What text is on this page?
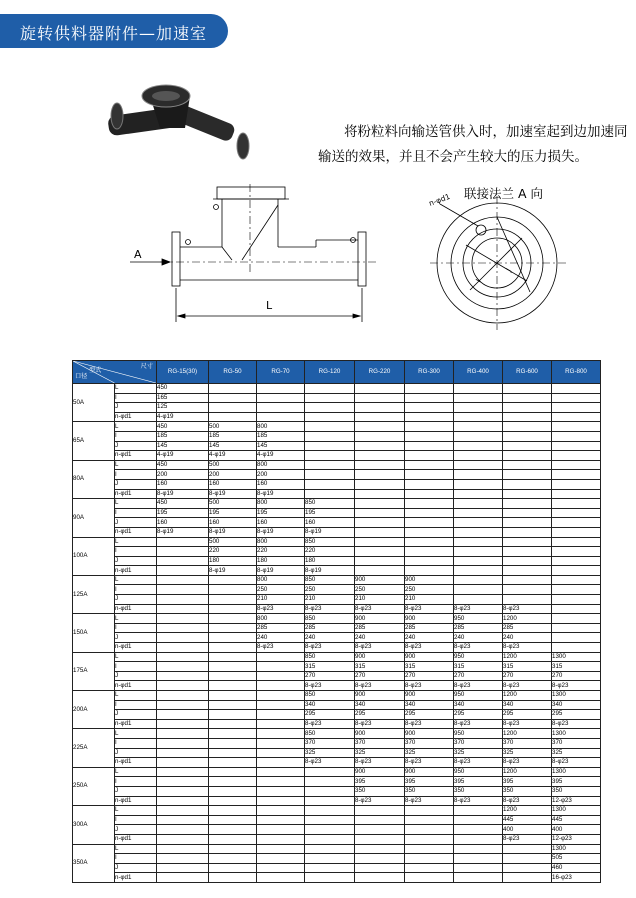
旋转供料器附件—加速室
A
L
联接法兰 A 向
n-φd1
I
J
将粉粒料向输送管供入时，加速室起到边加速同
输送的效果，并且不会产生较大的压力损失。
尺寸
型式
口径		RG-15(30)	RG-50	RG-70	RG-120	RG-220	RG-300	RG-400	RG-600	RG-800
50A	L	450								
	I	165								
	J	125								
	n-φd1	4-φ19								
65A	L	450	500	800						
	I	185	185	185						
	J	145	145	145						
	n-φd1	4-φ19	4-φ19	4-φ19						
80A	L	450	500	800						
	I	200	200	200						
	J	160	160	160						
	n-φd1	8-φ19	8-φ19	8-φ19						
90A	L	450	500	800	850					
	I	195	195	195	195					
	J	160	160	160	160					
	n-φd1	8-φ19	8-φ19	8-φ19	8-φ19					
100A	L		500	800	850					
	I		220	220	220					
	J		180	180	180					
	n-φd1		8-φ19	8-φ19	8-φ19					
125A	L			800	850	900	900			
	I			250	250	250	250			
	J			210	210	210	210			
	n-φd1			8-φ23	8-φ23	8-φ23	8-φ23	8-φ23	8-φ23	
150A	L			800	850	900	900	950	1200	
	I			285	285	285	285	285	285	
	J			240	240	240	240	240	240	
	n-φd1			8-φ23	8-φ23	8-φ23	8-φ23	8-φ23	8-φ23	
175A	L				850	900	900	950	1200	1300
	I				315	315	315	315	315	315
	J				270	270	270	270	270	270
	n-φd1				8-φ23	8-φ23	8-φ23	8-φ23	8-φ23	8-φ23
200A	L				850	900	900	950	1200	1300
	I				340	340	340	340	340	340
	J				295	295	295	295	295	295
	n-φd1				8-φ23	8-φ23	8-φ23	8-φ23	8-φ23	8-φ23
225A	L				850	900	900	950	1200	1300
	I				370	370	370	370	370	370
	J				325	325	325	325	325	325
	n-φd1				8-φ23	8-φ23	8-φ23	8-φ23	8-φ23	8-φ23
250A	L					900	900	950	1200	1300
	I					395	395	395	395	395
	J					350	350	350	350	350
	n-φd1					8-φ23	8-φ23	8-φ23	8-φ23	12-φ23
300A	L								1200	1300
	I								445	445
	J								400	400
	n-φd1								8-φ23	12-φ23
350A	L									1300
	I									505
	J									460
	n-φd1									16-φ23
